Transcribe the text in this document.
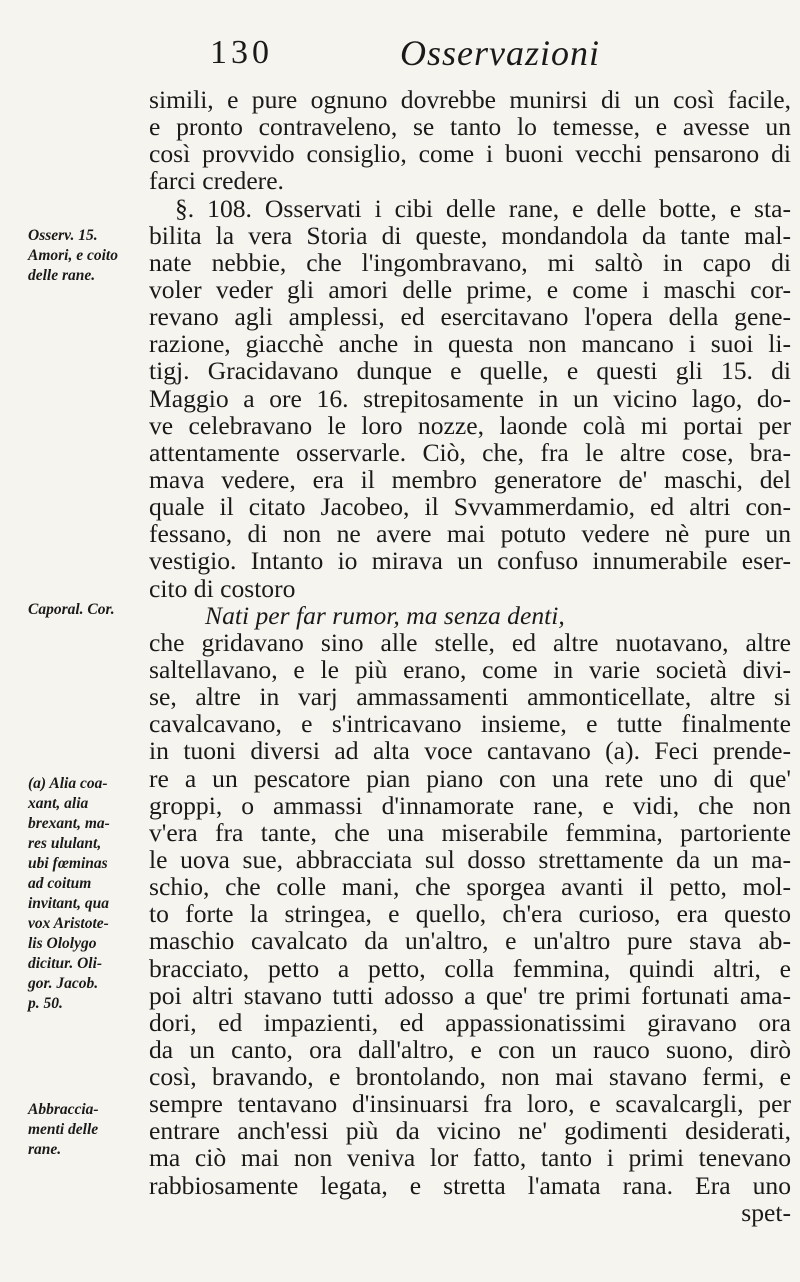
130	Osservazioni
simili, e pure ognuno dovrebbe munirsi di un così facile,
e pronto contraveleno, se tanto lo temesse, e avesse un
così provvido consiglio, come i buoni vecchi pensarono di
farci credere.
§. 108. Osservati i cibi delle rane, e delle botte, e sta-
bilita la vera Storia di queste, mondandola da tante mal-
nate nebbie, che l'ingombravano, mi saltò in capo di
voler veder gli amori delle prime, e come i maschi cor-
revano agli amplessi, ed esercitavano l'opera della gene-
razione, giacchè anche in questa non mancano i suoi li-
tigj. Gracidavano dunque e quelle, e questi gli 15. di
Maggio a ore 16. strepitosamente in un vicino lago, do-
ve celebravano le loro nozze, laonde colà mi portai per
attentamente osservarle. Ciò, che, fra le altre cose, bra-
mava vedere, era il membro generatore de' maschi, del
quale il citato Jacobeo, il Svvammerdamio, ed altri con-
fessano, di non ne avere mai potuto vedere nè pure un
vestigio. Intanto io mirava un confuso innumerabile eser-
cito di costoro
Nati per far rumor, ma senza denti,
che gridavano sino alle stelle, ed altre nuotavano, altre
saltellavano, e le più erano, come in varie società divi-
se, altre in varj ammassamenti ammonticellate, altre si
cavalcavano, e s'intricavano insieme, e tutte finalmente
in tuoni diversi ad alta voce cantavano (a). Feci prende-
re a un pescatore pian piano con una rete uno di que'
groppi, o ammassi d'innamorate rane, e vidi, che non
v'era fra tante, che una miserabile femmina, partoriente
le uova sue, abbracciata sul dosso strettamente da un ma-
schio, che colle mani, che sporgea avanti il petto, mol-
to forte la stringea, e quello, ch'era curioso, era questo
maschio cavalcato da un'altro, e un'altro pure stava ab-
bracciato, petto a petto, colla femmina, quindi altri, e
poi altri stavano tutti adosso a que' tre primi fortunati ama-
dori, ed impazienti, ed appassionatissimi giravano ora
da un canto, ora dall'altro, e con un rauco suono, dirò
così, bravando, e brontolando, non mai stavano fermi, e
sempre tentavano d'insinuarsi fra loro, e scavalcargli, per
entrare anch'essi più da vicino ne' godimenti desiderati,
ma ciò mai non veniva lor fatto, tanto i primi tenevano
rabbiosamente legata, e stretta l'amata rana. Era uno
spet-
Osserv. 15.
Amori, e coito
delle rane.
Caporal. Cor.
(a) Alia coa-
xant, alia
brexant, ma-
res ululant,
ubi fœminas
ad coitum
invitant, qua
vox Aristote-
lis Ololygo
dicitur. Oli-
gor. Jacob.
p. 50.
Abbraccia-
menti delle
rane.
